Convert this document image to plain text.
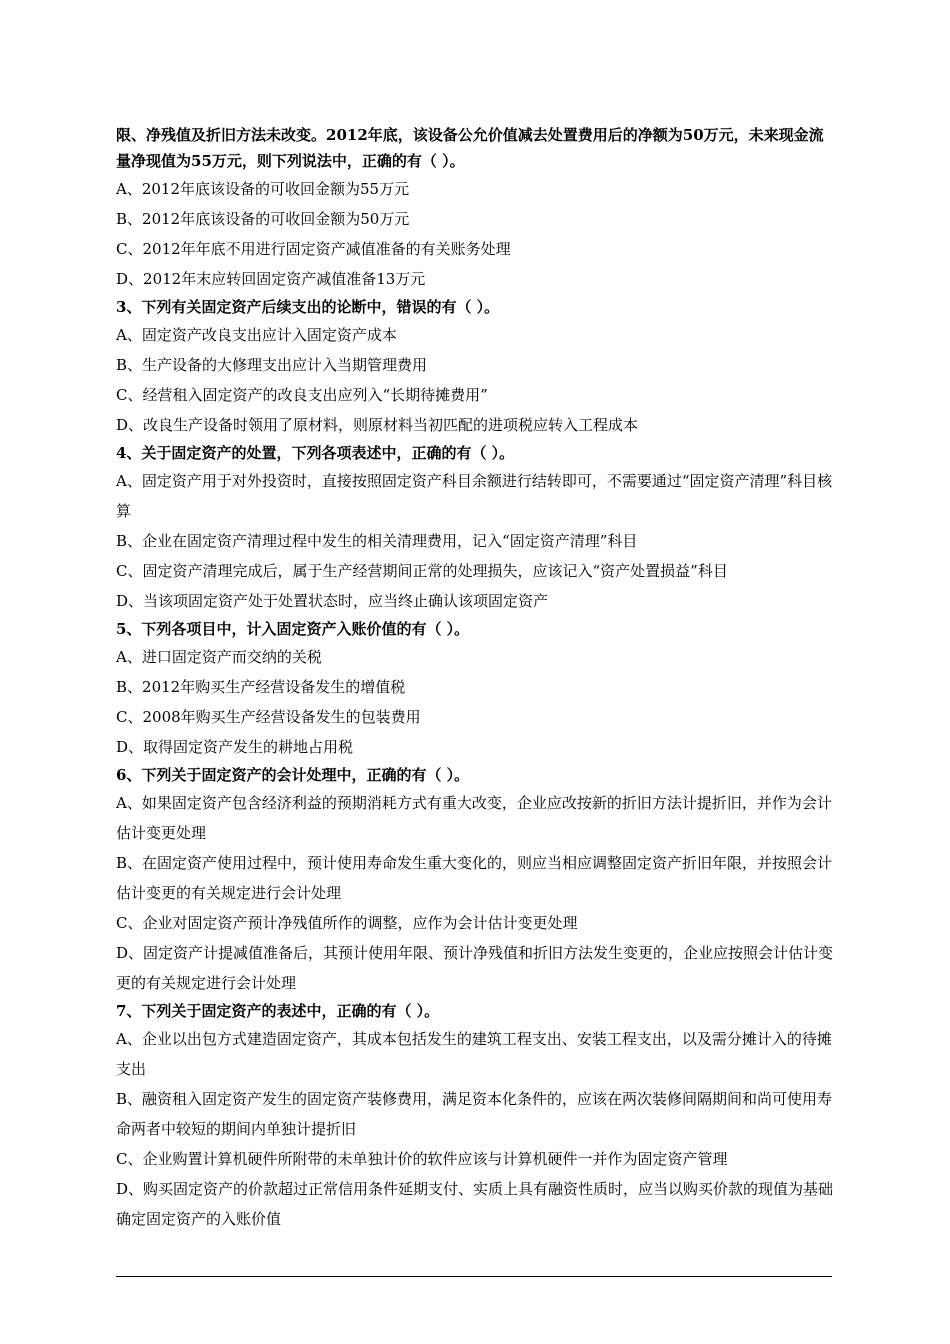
限、净残值及折旧方法未改变。2012年底，该设备公允价值减去处置费用后的净额为50万元，未来现金流量净现值为55万元，则下列说法中，正确的有（ ）。

A、2012年底该设备的可收回金额为55万元

B、2012年底该设备的可收回金额为50万元

C、2012年年底不用进行固定资产减值准备的有关账务处理

D、2012年末应转回固定资产减值准备13万元

3、下列有关固定资产后续支出的论断中，错误的有（ ）。

A、固定资产改良支出应计入固定资产成本

B、生产设备的大修理支出应计入当期管理费用

C、经营租入固定资产的改良支出应列入“长期待摊费用”

D、改良生产设备时领用了原材料，则原材料当初匹配的进项税应转入工程成本

4、关于固定资产的处置，下列各项表述中，正确的有（ ）。

A、固定资产用于对外投资时，直接按照固定资产科目余额进行结转即可，不需要通过“固定资产清理”科目核算

B、企业在固定资产清理过程中发生的相关清理费用，记入“固定资产清理”科目

C、固定资产清理完成后，属于生产经营期间正常的处理损失，应该记入“资产处置损益”科目

D、当该项固定资产处于处置状态时，应当终止确认该项固定资产

5、下列各项目中，计入固定资产入账价值的有（ ）。

A、进口固定资产而交纳的关税

B、2012年购买生产经营设备发生的增值税

C、2008年购买生产经营设备发生的包装费用

D、取得固定资产发生的耕地占用税

6、下列关于固定资产的会计处理中，正确的有（ ）。

A、如果固定资产包含经济利益的预期消耗方式有重大改变，企业应改按新的折旧方法计提折旧，并作为会计估计变更处理

B、在固定资产使用过程中，预计使用寿命发生重大变化的，则应当相应调整固定资产折旧年限，并按照会计估计变更的有关规定进行会计处理

C、企业对固定资产预计净残值所作的调整，应作为会计估计变更处理

D、固定资产计提减值准备后，其预计使用年限、预计净残值和折旧方法发生变更的，企业应按照会计估计变更的有关规定进行会计处理

7、下列关于固定资产的表述中，正确的有（ ）。

A、企业以出包方式建造固定资产，其成本包括发生的建筑工程支出、安装工程支出，以及需分摊计入的待摊支出

B、融资租入固定资产发生的固定资产装修费用，满足资本化条件的，应该在两次装修间隔期间和尚可使用寿命两者中较短的期间内单独计提折旧

C、企业购置计算机硬件所附带的未单独计价的软件应该与计算机硬件一并作为固定资产管理

D、购买固定资产的价款超过正常信用条件延期支付、实质上具有融资性质时，应当以购买价款的现值为基础确定固定资产的入账价值
